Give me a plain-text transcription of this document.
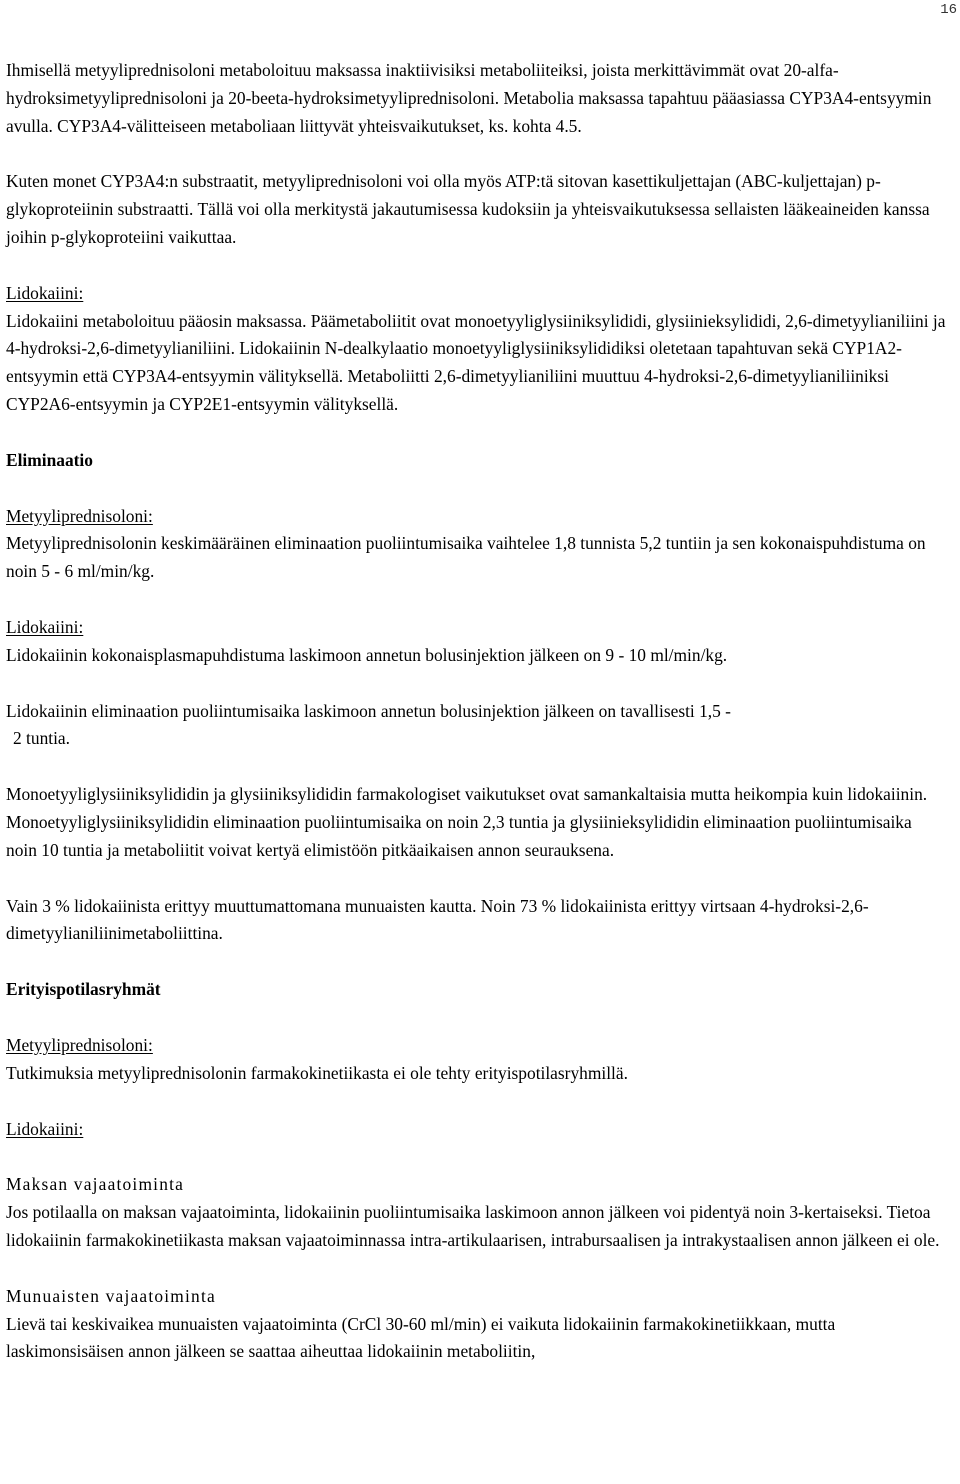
16

Ihmisellä metyyliprednisoloni metaboloituu maksassa inaktiivisiksi metaboliiteiksi, joista merkittävimmät ovat 20-alfa-hydroksimetyyliprednisoloni ja 20-beeta-hydroksimetyyliprednisoloni. Metabolia maksassa tapahtuu pääasiassa CYP3A4-entsyymin avulla. CYP3A4-välitteiseen metaboliaan liittyvät yhteisvaikutukset, ks. kohta 4.5.

Kuten monet CYP3A4:n substraatit, metyyliprednisoloni voi olla myös ATP:tä sitovan kasettikuljettajan (ABC-kuljettajan) p-glykoproteiinin substraatti. Tällä voi olla merkitystä jakautumisessa kudoksiin ja yhteisvaikutuksessa sellaisten lääkeaineiden kanssa joihin p-glykoproteiini vaikuttaa.

Lidokaiini:

Lidokaiini metaboloituu pääosin maksassa. Päämetaboliitit ovat monoetyyliglysiiniksylididi, glysiinieksylididi, 2,6-dimetyylianiliini ja 4-hydroksi-2,6-dimetyylianiliini. Lidokaiinin N-dealkylaatio monoetyyliglysiiniksylididiksi oletetaan tapahtuvan sekä CYP1A2-entsyymin että CYP3A4-entsyymin välityksellä. Metaboliitti 2,6-dimetyylianiliini muuttuu 4-hydroksi-2,6-dimetyylianiliiniksi CYP2A6-entsyymin ja CYP2E1-entsyymin välityksellä.

Eliminaatio
Metyyliprednisoloni:

Metyyliprednisolonin keskimääräinen eliminaation puoliintumisaika vaihtelee 1,8 tunnista 5,2 tuntiin ja sen kokonaispuhdistuma on noin 5 - 6 ml/min/kg.

Lidokaiini:

Lidokaiinin kokonaisplasmapuhdistuma laskimoon annetun bolusinjektion jälkeen on 9 - 10 ml/min/kg.

Lidokaiinin eliminaation puoliintumisaika laskimoon annetun bolusinjektion jälkeen on tavallisesti 1,5 -
2 tuntia.

Monoetyyliglysiiniksylididin ja glysiiniksylididin farmakologiset vaikutukset ovat samankaltaisia mutta heikompia kuin lidokaiinin. Monoetyyliglysiiniksylididin eliminaation puoliintumisaika on noin 2,3 tuntia ja glysiinieksylididin eliminaation puoliintumisaika noin 10 tuntia ja metaboliitit voivat kertyä elimistöön pitkäaikaisen annon seurauksena.

Vain 3 % lidokaiinista erittyy muuttumattomana munuaisten kautta. Noin 73 % lidokaiinista erittyy virtsaan 4-hydroksi-2,6-dimetyylianiliinimetaboliittina.

Erityispotilasryhmät
Metyyliprednisoloni:

Tutkimuksia metyyliprednisolonin farmakokinetiikasta ei ole tehty erityispotilasryhmillä.

Lidokaiini:
Maksan vajaatoiminta

Jos potilaalla on maksan vajaatoiminta, lidokaiinin puoliintumisaika laskimoon annon jälkeen voi pidentyä noin 3-kertaiseksi. Tietoa lidokaiinin farmakokinetiikasta maksan vajaatoiminnassa intra-artikulaarisen, intrabursaalisen ja intrakystaalisen annon jälkeen ei ole.

Munuaisten vajaatoiminta

Lievä tai keskivaikea munuaisten vajaatoiminta (CrCl 30-60 ml/min) ei vaikuta lidokaiinin farmakokinetiikkaan, mutta laskimonsisäisen annon jälkeen se saattaa aiheuttaa lidokaiinin metaboliitin,
